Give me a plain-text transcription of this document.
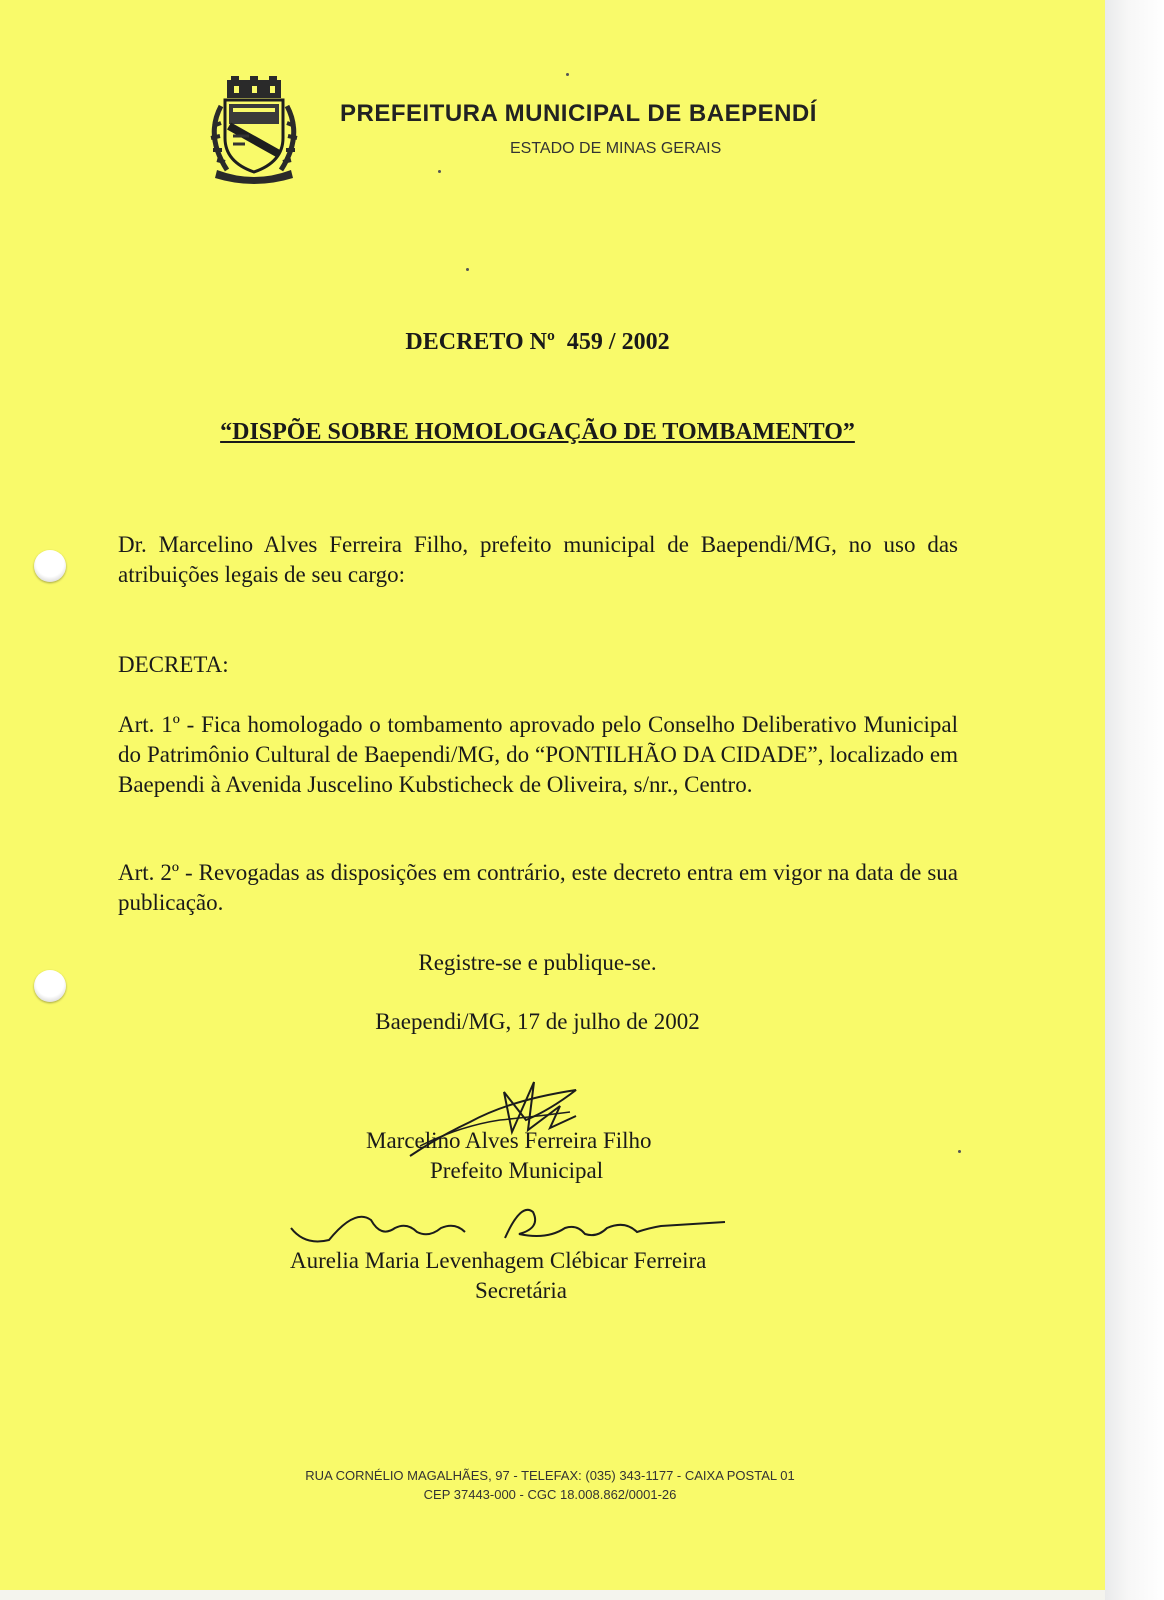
PREFEITURA MUNICIPAL DE BAEPENDÍ
ESTADO DE MINAS GERAIS
DECRETO Nº  459 / 2002
“DISPÕE SOBRE HOMOLOGAÇÃO DE TOMBAMENTO”
Dr. Marcelino Alves Ferreira Filho, prefeito municipal de Baependi/MG, no uso das atribuições legais de seu cargo:
DECRETA:
Art. 1º - Fica homologado o tombamento aprovado pelo Conselho Deliberativo Municipal do Patrimônio Cultural de Baependi/MG, do “PONTILHÃO DA CIDADE”, localizado em Baependi à Avenida Juscelino Kubsticheck de Oliveira, s/nr., Centro.
Art. 2º - Revogadas as disposições em contrário, este decreto entra em vigor na data de sua publicação.
Registre-se e publique-se.
Baependi/MG, 17 de julho de 2002
Marcelino Alves Ferreira Filho
Prefeito Municipal
Aurelia Maria Levenhagem Clébicar Ferreira
Secretária
RUA CORNÉLIO MAGALHÃES, 97 - TELEFAX: (035) 343-1177 - CAIXA POSTAL 01
CEP 37443-000 - CGC 18.008.862/0001-26
